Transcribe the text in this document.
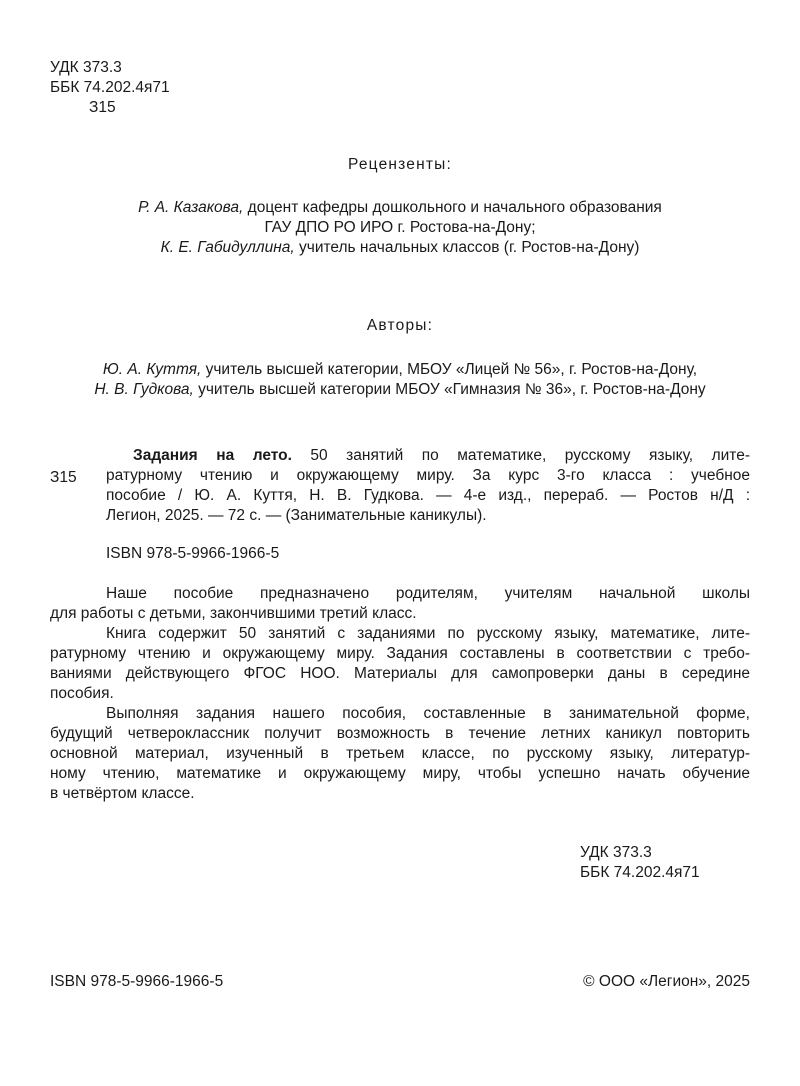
УДК 373.3
ББК 74.202.4я71
З15
Рецензенты:
Р. А. Казакова, доцент кафедры дошкольного и начального образования
ГАУ ДПО РО ИРО г. Ростова-на-Дону;
К. Е. Габидуллина, учитель начальных классов (г. Ростов-на-Дону)
Авторы:
Ю. А. Куття, учитель высшей категории, МБОУ «Лицей № 56», г. Ростов-на-Дону,
Н. В. Гудкова, учитель высшей категории МБОУ «Гимназия № 36», г. Ростов-на-Дону
З15
Задания на лето. 50 занятий по математике, русскому языку, лите-
ратурному чтению и окружающему миру. За курс 3-го класса : учебное
пособие / Ю. А. Куття, Н. В. Гудкова. — 4-е изд., перераб. — Ростов н/Д :
Легион, 2025. — 72 с. — (Занимательные каникулы).
ISBN 978-5-9966-1966-5
Наше пособие предназначено родителям, учителям начальной школы
для работы с детьми, закончившими третий класс.
Книга содержит 50 занятий с заданиями по русскому языку, математике, лите-
ратурному чтению и окружающему миру. Задания составлены в соответствии с требо-
ваниями действующего ФГОС НОО. Материалы для самопроверки даны в середине
пособия.
Выполняя задания нашего пособия, составленные в занимательной форме,
будущий четвероклассник получит возможность в течение летних каникул повторить
основной материал, изученный в третьем классе, по русскому языку, литератур-
ному чтению, математике и окружающему миру, чтобы успешно начать обучение
в четвёртом классе.
УДК 373.3
ББК 74.202.4я71
ISBN 978-5-9966-1966-5	© ООО «Легион», 2025
